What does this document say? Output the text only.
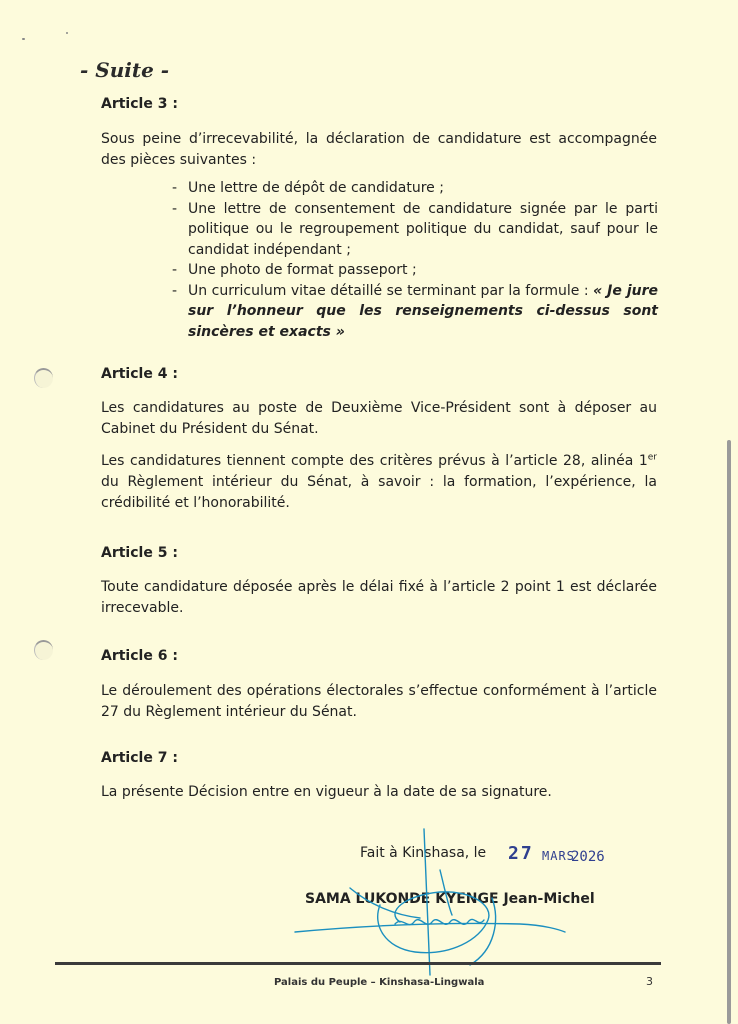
- Suite -
Article 3 :
Sous peine d’irrecevabilité, la déclaration de candidature est accompagnée des pièces suivantes :
- Une lettre de dépôt de candidature ;
- Une lettre de consentement de candidature signée par le parti politique ou le regroupement politique du candidat, sauf pour le candidat indépendant ;
- Une photo de format passeport ;
- Un curriculum vitae détaillé se terminant par la formule : « Je jure sur l’honneur que les renseignements ci-dessus sont sincères et exacts »
Article 4 :
Les candidatures au poste de Deuxième Vice-Président sont à déposer au Cabinet du Président du Sénat.
Les candidatures tiennent compte des critères prévus à l’article 28, alinéa 1er du Règlement intérieur du Sénat, à savoir : la formation, l’expérience, la crédibilité et l’honorabilité.
Article 5 :
Toute candidature déposée après le délai fixé à l’article 2 point 1 est déclarée irrecevable.
Article 6 :
Le déroulement des opérations électorales s’effectue conformément à l’article 27 du Règlement intérieur du Sénat.
Article 7 :
La présente Décision entre en vigueur à la date de sa signature.
Fait à Kinshasa, le 27 MARS
2026
SAMA LUKONDE KYENGE Jean-Michel
Palais du Peuple – Kinshasa-Lingwala	3
